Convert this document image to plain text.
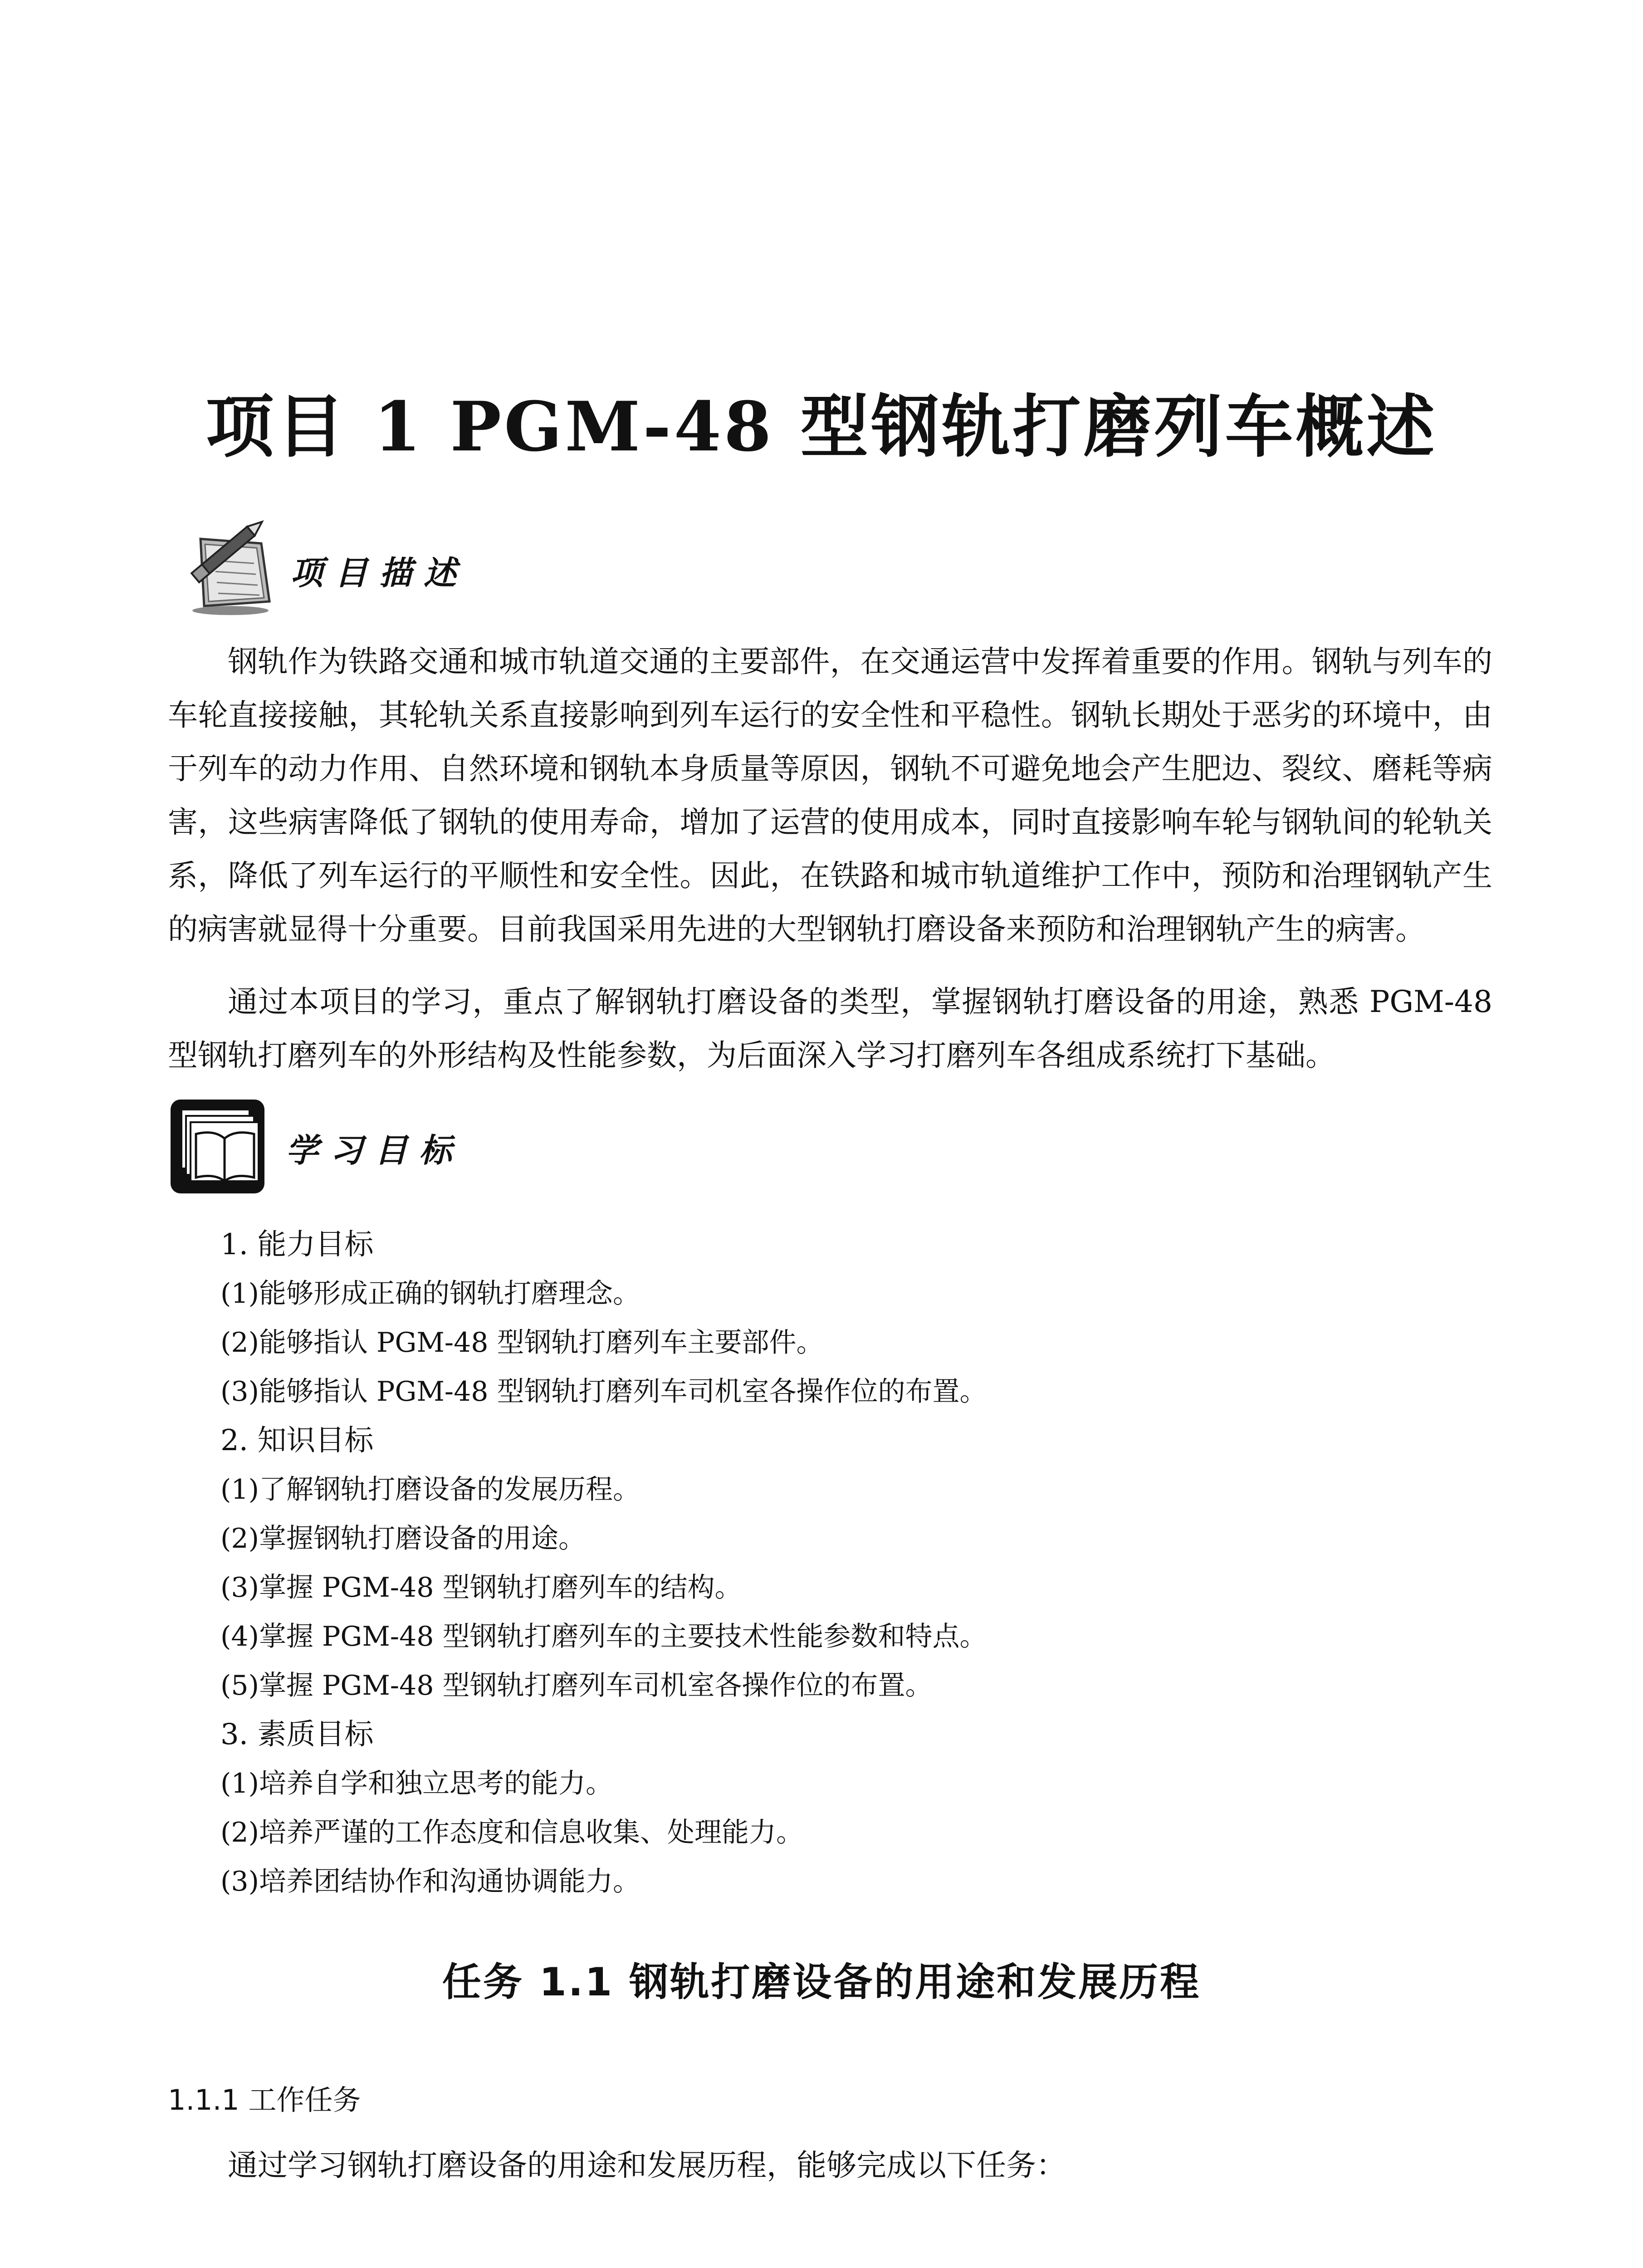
项目 1 PGM-48 型钢轨打磨列车概述
项目描述
钢轨作为铁路交通和城市轨道交通的主要部件，在交通运营中发挥着重要的作用。钢轨与列车的车轮直接接触，其轮轨关系直接影响到列车运行的安全性和平稳性。钢轨长期处于恶劣的环境中，由于列车的动力作用、自然环境和钢轨本身质量等原因，钢轨不可避免地会产生肥边、裂纹、磨耗等病害，这些病害降低了钢轨的使用寿命，增加了运营的使用成本，同时直接影响车轮与钢轨间的轮轨关系，降低了列车运行的平顺性和安全性。因此，在铁路和城市轨道维护工作中，预防和治理钢轨产生的病害就显得十分重要。目前我国采用先进的大型钢轨打磨设备来预防和治理钢轨产生的病害。
通过本项目的学习，重点了解钢轨打磨设备的类型，掌握钢轨打磨设备的用途，熟悉 PGM-48 型钢轨打磨列车的外形结构及性能参数，为后面深入学习打磨列车各组成系统打下基础。
学习目标
1. 能力目标
(1)能够形成正确的钢轨打磨理念。
(2)能够指认 PGM-48 型钢轨打磨列车主要部件。
(3)能够指认 PGM-48 型钢轨打磨列车司机室各操作位的布置。
2. 知识目标
(1)了解钢轨打磨设备的发展历程。
(2)掌握钢轨打磨设备的用途。
(3)掌握 PGM-48 型钢轨打磨列车的结构。
(4)掌握 PGM-48 型钢轨打磨列车的主要技术性能参数和特点。
(5)掌握 PGM-48 型钢轨打磨列车司机室各操作位的布置。
3. 素质目标
(1)培养自学和独立思考的能力。
(2)培养严谨的工作态度和信息收集、处理能力。
(3)培养团结协作和沟通协调能力。
任务 1.1 钢轨打磨设备的用途和发展历程
1.1.1 工作任务
通过学习钢轨打磨设备的用途和发展历程，能够完成以下任务：
